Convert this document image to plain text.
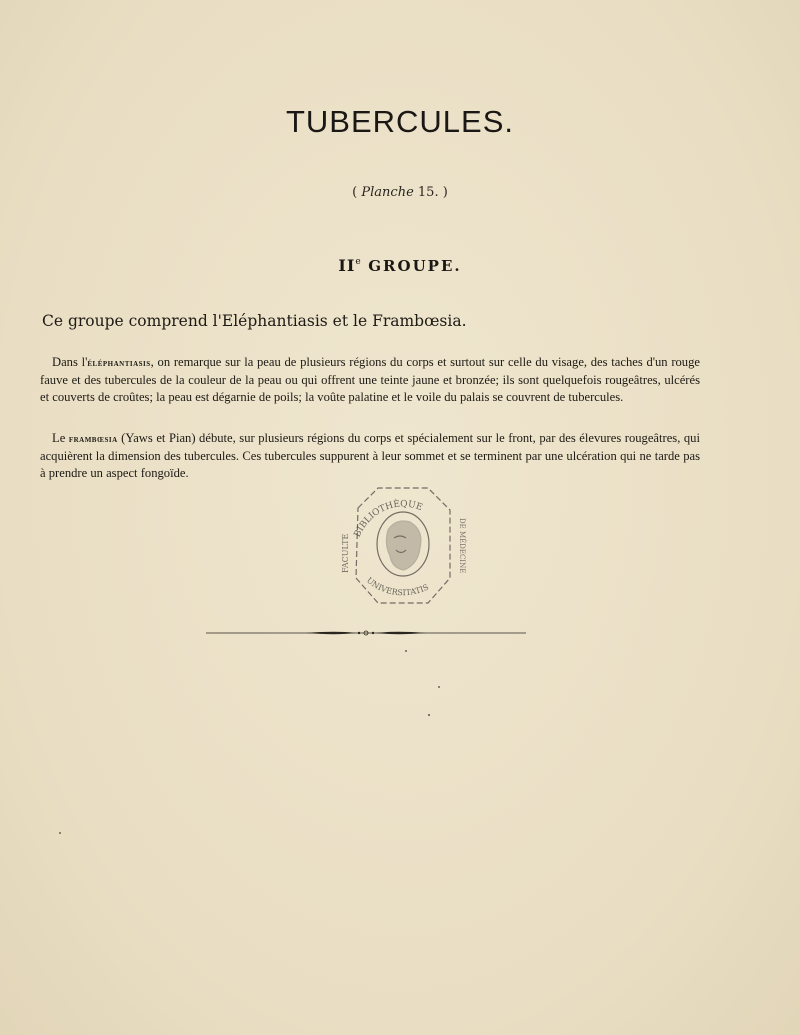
TUBERCULES.
( Planche 15. )
IIe GROUPE.
Ce groupe comprend l'Eléphantiasis et le Frambœsia.
Dans l'éléphantiasis, on remarque sur la peau de plusieurs régions du corps et surtout sur celle du visage, des taches d'un rouge fauve et des tubercules de la couleur de la peau ou qui offrent une teinte jaune et bronzée; ils sont quelquefois rougeâtres, ulcérés et couverts de croûtes; la peau est dégarnie de poils; la voûte palatine et le voile du palais se couvrent de tubercules.
Le frambœsia (Yaws et Pian) débute, sur plusieurs régions du corps et spécialement sur le front, par des élevures rougeâtres, qui acquièrent la dimension des tubercules. Ces tubercules suppurent à leur sommet et se terminent par une ulcération qui ne tarde pas à prendre un aspect fongoïde.
BIBLIOTHÈQUE
UNIVERSITATIS
FACULTÉ	DE MÉDECINE
